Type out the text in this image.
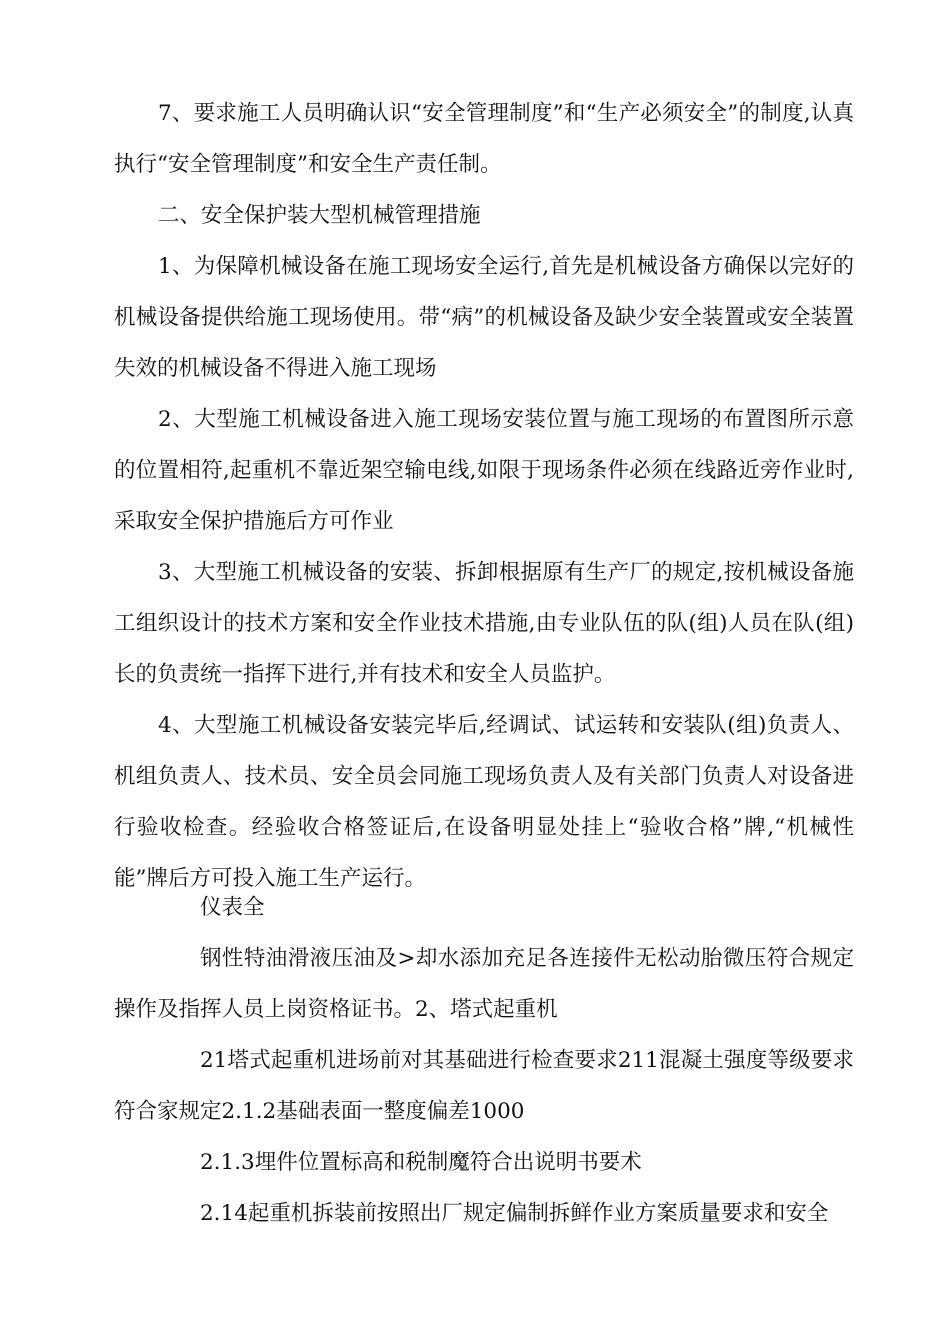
7、要求施工人员明确认识“安全管理制度”和“生产必须安全”的制度,认真执行“安全管理制度”和安全生产责任制。

二、安全保护装大型机械管理措施

1、为保障机械设备在施工现场安全运行,首先是机械设备方确保以完好的机械设备提供给施工现场使用。带“病”的机械设备及缺少安全装置或安全装置失效的机械设备不得进入施工现场

2、大型施工机械设备进入施工现场安装位置与施工现场的布置图所示意的位置相符,起重机不靠近架空输电线,如限于现场条件必须在线路近旁作业时,采取安全保护措施后方可作业

3、大型施工机械设备的安装、拆卸根据原有生产厂的规定,按机械设备施工组织设计的技术方案和安全作业技术措施,由专业队伍的队(组)人员在队(组)长的负责统一指挥下进行,并有技术和安全人员监护。

4、大型施工机械设备安装完毕后,经调试、试运转和安装队(组)负责人、机组负责人、技术员、安全员会同施工现场负责人及有关部门负责人对设备进行验收检查。经验收合格签证后,在设备明显处挂上“验收合格”牌,“机械性能”牌后方可投入施工生产运行。

仪表全

钢性特油滑液压油及>却水添加充足各连接件无松动胎微压符合规定操作及指挥人员上岗资格证书。2、塔式起重机

21塔式起重机进场前对其基础进行检查要求211混凝土强度等级要求符合家规定2.1.2基础表面一整度偏差1000

2.1.3埋件位置标高和税制魔符合出说明书要术

2.14起重机拆装前按照出厂规定偏制拆鲜作业方案质量要求和安全
